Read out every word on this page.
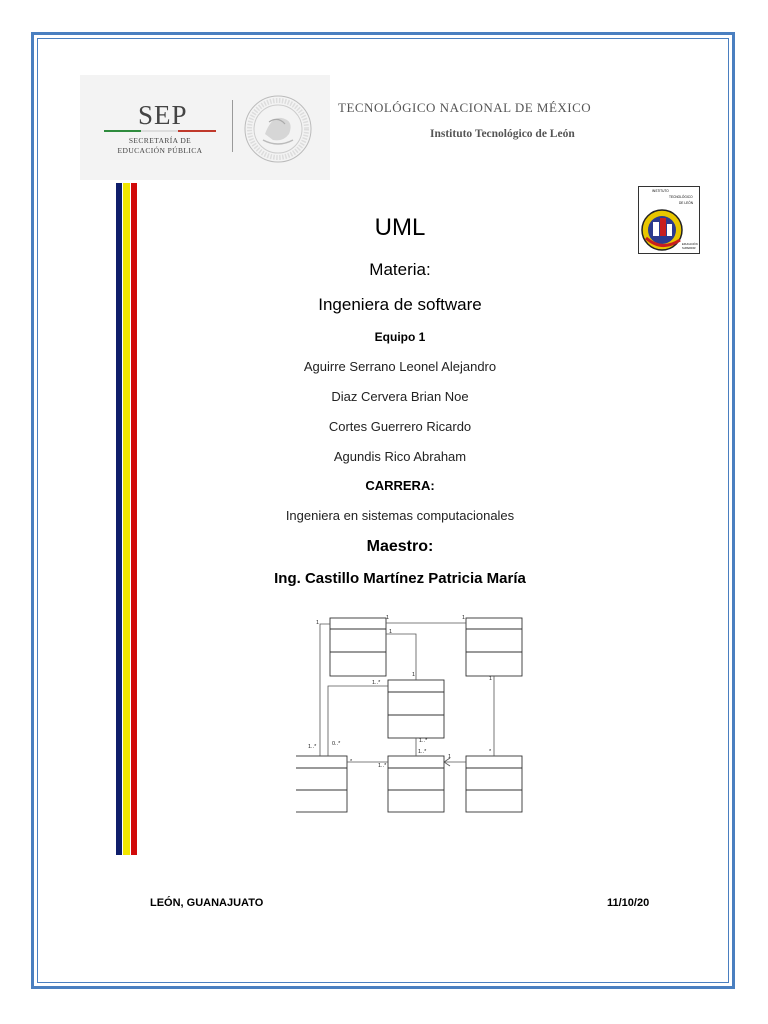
SEP
SECRETARÍA DE
EDUCACIÓN PÚBLICA
TECNOLÓGICO NACIONAL DE MÉXICO
Instituto Tecnológico de León
INSTITUTO
TECNOLÓGICO
DE LEÓN
EDUCACIÓN
SUPERIOR
UML
Materia:
Ingeniera de software
Equipo 1
Aguirre Serrano Leonel Alejandro
Diaz Cervera Brian Noe
Cortes Guerrero Ricardo
Agundis Rico Abraham
CARRERA:
Ingeniera en sistemas computacionales
Maestro:
Ing. Castillo Martínez Patricia María
1
1	1
1
1
1
1..*
0..*
1..*
1..*
1..*
1
*
*
1..*
LEÓN, GUANAJUATO	11/10/20
